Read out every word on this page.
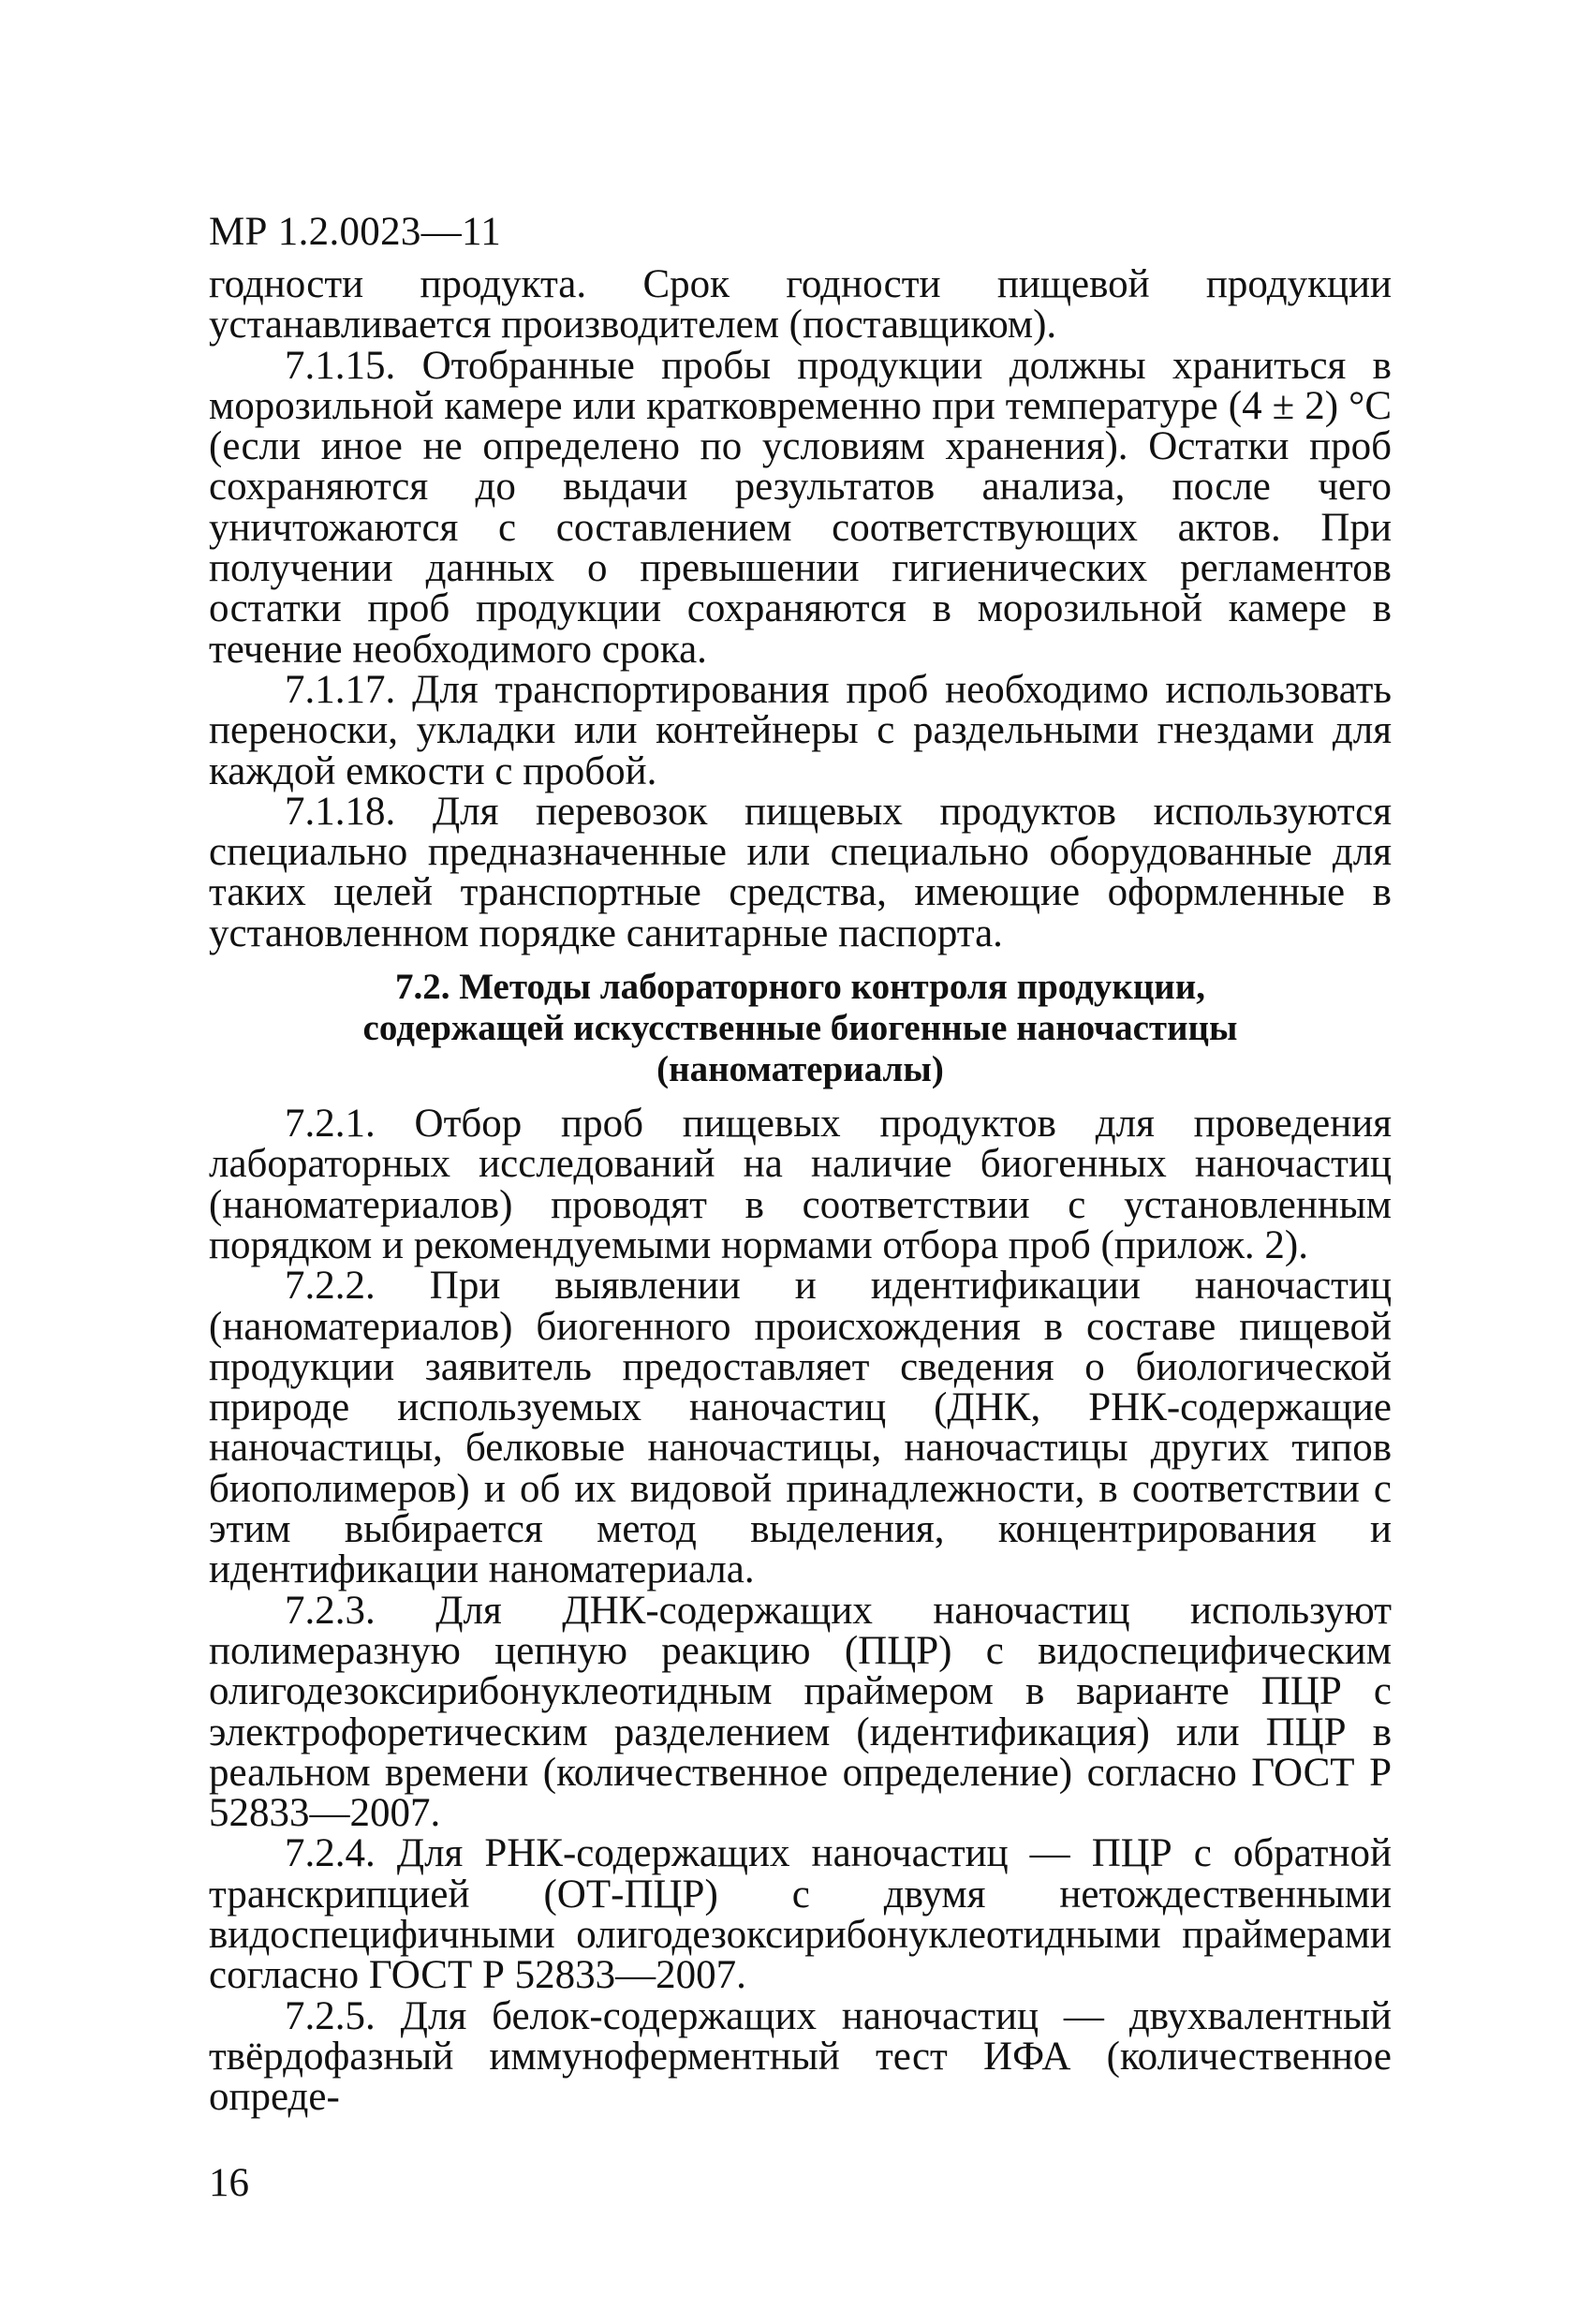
МР 1.2.0023—11

годности продукта. Срок годности пищевой продукции устанавливается производителем (поставщиком).

7.1.15. Отобранные пробы продукции должны храниться в морозильной камере или кратковременно при температуре (4 ± 2) °С (если иное не определено по условиям хранения). Остатки проб сохраняются до выдачи результатов анализа, после чего уничтожаются с составлением соответствующих актов. При получении данных о превышении гигиенических регламентов остатки проб продукции сохраняются в морозильной камере в течение необходимого срока.

7.1.17. Для транспортирования проб необходимо использовать переноски, укладки или контейнеры с раздельными гнездами для каждой емкости с пробой.

7.1.18. Для перевозок пищевых продуктов используются специально предназначенные или специально оборудованные для таких целей транспортные средства, имеющие оформленные в установленном порядке санитарные паспорта.

7.2. Методы лабораторного контроля продукции,
содержащей искусственные биогенные наночастицы
(наноматериалы)

7.2.1. Отбор проб пищевых продуктов для проведения лабораторных исследований на наличие биогенных наночастиц (наноматериалов) проводят в соответствии с установленным порядком и рекомендуемыми нормами отбора проб (прилож. 2).

7.2.2. При выявлении и идентификации наночастиц (наноматериалов) биогенного происхождения в составе пищевой продукции заявитель предоставляет сведения о биологической природе используемых наночастиц (ДНК, РНК-содержащие наночастицы, белковые наночастицы, наночастицы других типов биополимеров) и об их видовой принадлежности, в соответствии с этим выбирается метод выделения, концентрирования и идентификации наноматериала.

7.2.3. Для ДНК-содержащих наночастиц используют полимеразную цепную реакцию (ПЦР) с видоспецифическим олигодезоксирибонуклеотидным праймером в варианте ПЦР с электрофоретическим разделением (идентификация) или ПЦР в реальном времени (количественное определение) согласно ГОСТ Р 52833—2007.

7.2.4. Для РНК-содержащих наночастиц — ПЦР с обратной транскрипцией (ОТ-ПЦР) с двумя нетождественными видоспецифичными олигодезоксирибонуклеотидными праймерами согласно ГОСТ Р 52833—2007.

7.2.5. Для белок-содержащих наночастиц — двухвалентный твёрдофазный иммуноферментный тест ИФА (количественное опреде-

16
